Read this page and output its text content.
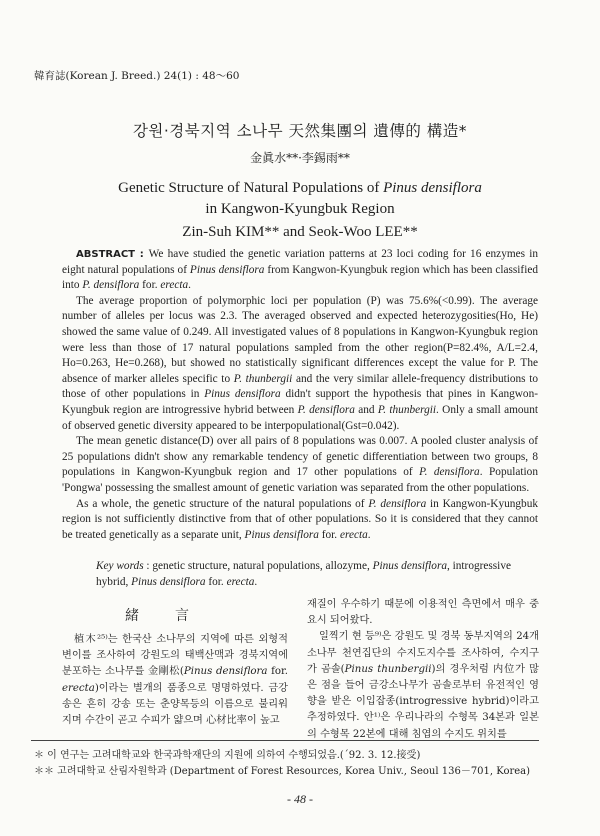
韓育誌(Korean J. Breed.) 24(1) : 48～60
강원·경북지역 소나무 天然集團의 遺傳的 構造*
金眞水**·李錫雨**
Genetic Structure of Natural Populations of Pinus densiflora
in Kangwon-Kyungbuk Region
Zin-Suh KIM** and Seok-Woo LEE**

ABSTRACT : We have studied the genetic variation patterns at 23 loci coding for 16 enzymes in eight natural populations of Pinus densiflora from Kangwon-Kyungbuk region which has been classified into P. densiflora for. erecta.

The average proportion of polymorphic loci per population (P) was 75.6%(<0.99). The average number of alleles per locus was 2.3. The averaged observed and expected heterozygosities(Ho, He) showed the same value of 0.249. All investigated values of 8 populations in Kangwon-Kyungbuk region were less than those of 17 natural populations sampled from the other region(P=82.4%, A/L=2.4, Ho=0.263, He=0.268), but showed no statistically significant differences except the value for P. The absence of marker alleles specific to P. thunbergii and the very similar allele-frequency distributions to those of other populations in Pinus densiflora didn't support the hypothesis that pines in Kangwon-Kyungbuk region are introgressive hybrid between P. densiflora and P. thunbergii. Only a small amount of observed genetic diversity appeared to be interpopulational(Gst=0.042).

The mean genetic distance(D) over all pairs of 8 populations was 0.007. A pooled cluster analysis of 25 populations didn't show any remarkable tendency of genetic differentiation between two groups, 8 populations in Kangwon-Kyungbuk region and 17 other populations of P. densiflora. Population 'Pongwa' possessing the smallest amount of genetic variation was separated from the other populations.

As a whole, the genetic structure of the natural populations of P. densiflora in Kangwon-Kyungbuk region is not sufficiently distinctive from that of other populations. So it is considered that they cannot be treated genetically as a separate unit, Pinus densiflora for. erecta.

Key words : genetic structure, natural populations, allozyme, Pinus densiflora, introgressive hybrid, Pinus densiflora for. erecta.
緒言

植木²⁵⁾는 한국산 소나무의 지역에 따른 외형적 변이를 조사하여 강원도의 태백산맥과 경북지역에 분포하는 소나무를 金剛松(Pinus densiflora for. erecta)이라는 별개의 품종으로 명명하였다. 금강송은 흔히 강송 또는 춘양목등의 이름으로 불리워지며 수간이 곧고 수피가 얇으며 心材比率이 높고

재질이 우수하기 때문에 이용적인 측면에서 매우 중요시 되어왔다.

일찍기 현 등⁹⁾은 강원도 및 경북 동부지역의 24개 소나무 천연집단의 수지도지수를 조사하여, 수지구가 곰솔(Pinus thunbergii)의 경우처럼 内位가 많은 점을 들어 금강소나무가 곰솔로부터 유전적인 영향을 받은 이입잡종(introgressive hybrid)이라고 추정하였다. 안¹⁾은 우리나라의 수형목 34본과 일본의 수형목 22본에 대해 침엽의 수지도 위치를

＊ 이 연구는 고려대학교와 한국과학재단의 지원에 의하여 수행되었음.(´92. 3. 12.接受)
＊＊ 고려대학교 산림자원학과 (Department of Forest Resources, Korea Univ., Seoul 136－701, Korea)
- 48 -
